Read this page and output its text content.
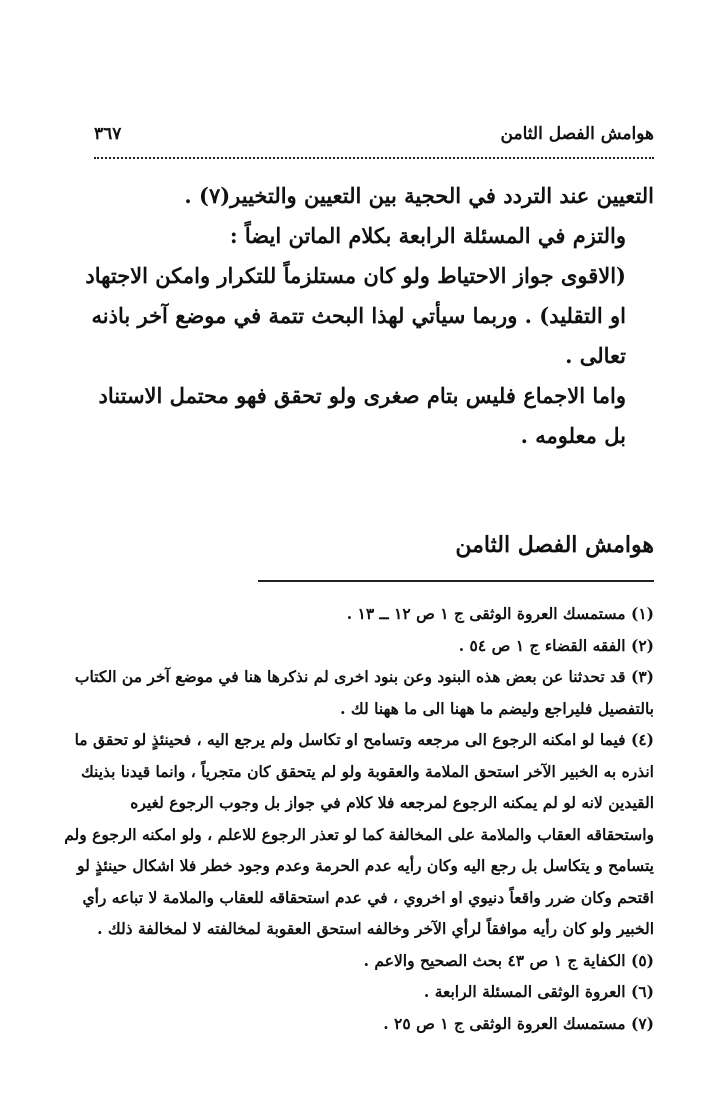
هوامش الفصل الثامن
٣٦٧

التعيين عند التردد في الحجية بين التعيين والتخيير(٧) .

والتزم في المسئلة الرابعة بكلام الماتن ايضاً :

(الاقوى جواز الاحتياط ولو كان مستلزماً للتكرار وامكن الاجتهاد او التقليد) . وربما سيأتي لهذا البحث تتمة في موضع آخر باذنه تعالى .

واما الاجماع فليس بتام صغرى ولو تحقق فهو محتمل الاستناد بل معلومه .

هوامش الفصل الثامن

(١) مستمسك العروة الوثقى ج ١ ص ١٢ ــ ١٣ .

(٢) الفقه القضاء ج ١ ص ٥٤ .

(٣) قد تحدثنا عن بعض هذه البنود وعن بنود اخرى لم نذكرها هنا في موضع آخر من الكتاب بالتفصيل فليراجع وليضم ما ههنا الى ما ههنا لك .

(٤) فيما لو امكنه الرجوع الى مرجعه وتسامح او تكاسل ولم يرجع اليه ، فحينئذٍ لو تحقق ما انذره به الخبير الآخر استحق الملامة والعقوبة ولو لم يتحقق كان متجرياً ، وانما قيدنا بذينك القيدين لانه لو لم يمكنه الرجوع لمرجعه فلا كلام في جواز بل وجوب الرجوع لغيره واستحقاقه العقاب والملامة على المخالفة كما لو تعذر الرجوع للاعلم ، ولو امكنه الرجوع ولم يتسامح و يتكاسل بل رجع اليه وكان رأيه عدم الحرمة وعدم وجود خطر فلا اشكال حينئذٍ لو اقتحم وكان ضرر واقعاً دنيوي او اخروي ، في عدم استحقاقه للعقاب والملامة لا تباعه رأي الخبير ولو كان رأيه موافقاً لرأي الآخر وخالفه استحق العقوبة لمخالفته لا لمخالفة ذلك .

(٥) الكفاية ج ١ ص ٤٣ بحث الصحيح والاعم .

(٦) العروة الوثقى المسئلة الرابعة .

(٧) مستمسك العروة الوثقى ج ١ ص ٢٥ .
